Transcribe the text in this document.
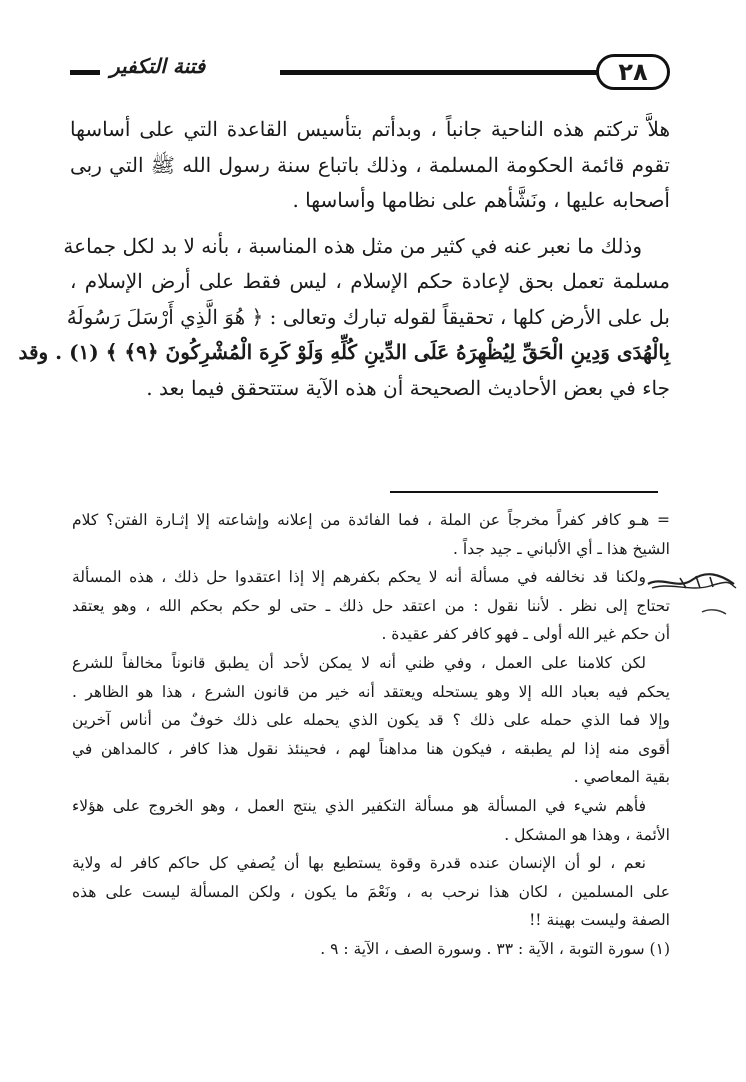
٢٨
فتنة التكفير
هلاَّ تركتم هذه الناحية جانباً ، وبدأتم بتأسيس القاعدة التي على أساسها
تقوم قائمة الحكومة المسلمة ، وذلك باتباع سنة رسول الله ﷺ التي ربى
أصحابه عليها ، ونَشَّأهم على نظامها وأساسها .
وذلك ما نعبر عنه في كثير من مثل هذه المناسبة ، بأنه لا بد لكل جماعة
مسلمة تعمل بحق لإعادة حكم الإسلام ، ليس فقط على أرض الإسلام ،
بل على الأرض كلها ، تحقيقاً لقوله تبارك وتعالى : ﴿ هُوَ الَّذِي أَرْسَلَ رَسُولَهُ
بِالْهُدَى وَدِينِ الْحَقِّ لِيُظْهِرَهُ عَلَى الدِّينِ كُلِّهِ وَلَوْ كَرِهَ الْمُشْرِكُونَ ﴿٩﴾ ﴾ (١) . وقد
جاء في بعض الأحاديث الصحيحة أن هذه الآية ستتحقق فيما بعد .
= هـو كافر كفراً مخرجاً عن الملة ، فما الفائدة من إعلانه وإشاعته إلا إثـارة الفتن؟ كلام
الشيخ هذا ـ أي الألباني ـ جيد جداً .
ولكنا قد نخالفه في مسألة أنه لا يحكم بكفرهم إلا إذا اعتقدوا حل ذلك ، هذه المسألة
تحتاج إلى نظر . لأننا نقول : من اعتقد حل ذلك ـ حتى لو حكم بحكم الله ، وهو يعتقد
أن حكم غير الله أولى ـ فهو كافر كفر عقيدة .
لكن كلامنا على العمل ، وفي ظني أنه لا يمكن لأحد أن يطبق قانوناً مخالفاً للشرع
يحكم فيه بعباد الله إلا وهو يستحله ويعتقد أنه خير من قانون الشرع ، هذا هو الظاهر .
وإلا فما الذي حمله على ذلك ؟ قد يكون الذي يحمله على ذلك خوفٌ من أناس آخرين
أقوى منه إذا لم يطبقه ، فيكون هنا مداهناً لهم ، فحينئذ نقول هذا كافر ، كالمداهن في
بقية المعاصي .
فأهم شيء في المسألة هو مسألة التكفير الذي ينتج العمل ، وهو الخروج على هؤلاء
الأئمة ، وهذا هو المشكل .
نعم ، لو أن الإنسان عنده قدرة وقوة يستطيع بها أن يُصفي كل حاكم كافر له ولاية
على المسلمين ، لكان هذا نرحب به ، ونَعْمَ ما يكون ، ولكن المسألة ليست على هذه
الصفة وليست بهينة !!
(١) سورة التوبة ، الآية : ٣٣ . وسورة الصف ، الآية : ٩ .
